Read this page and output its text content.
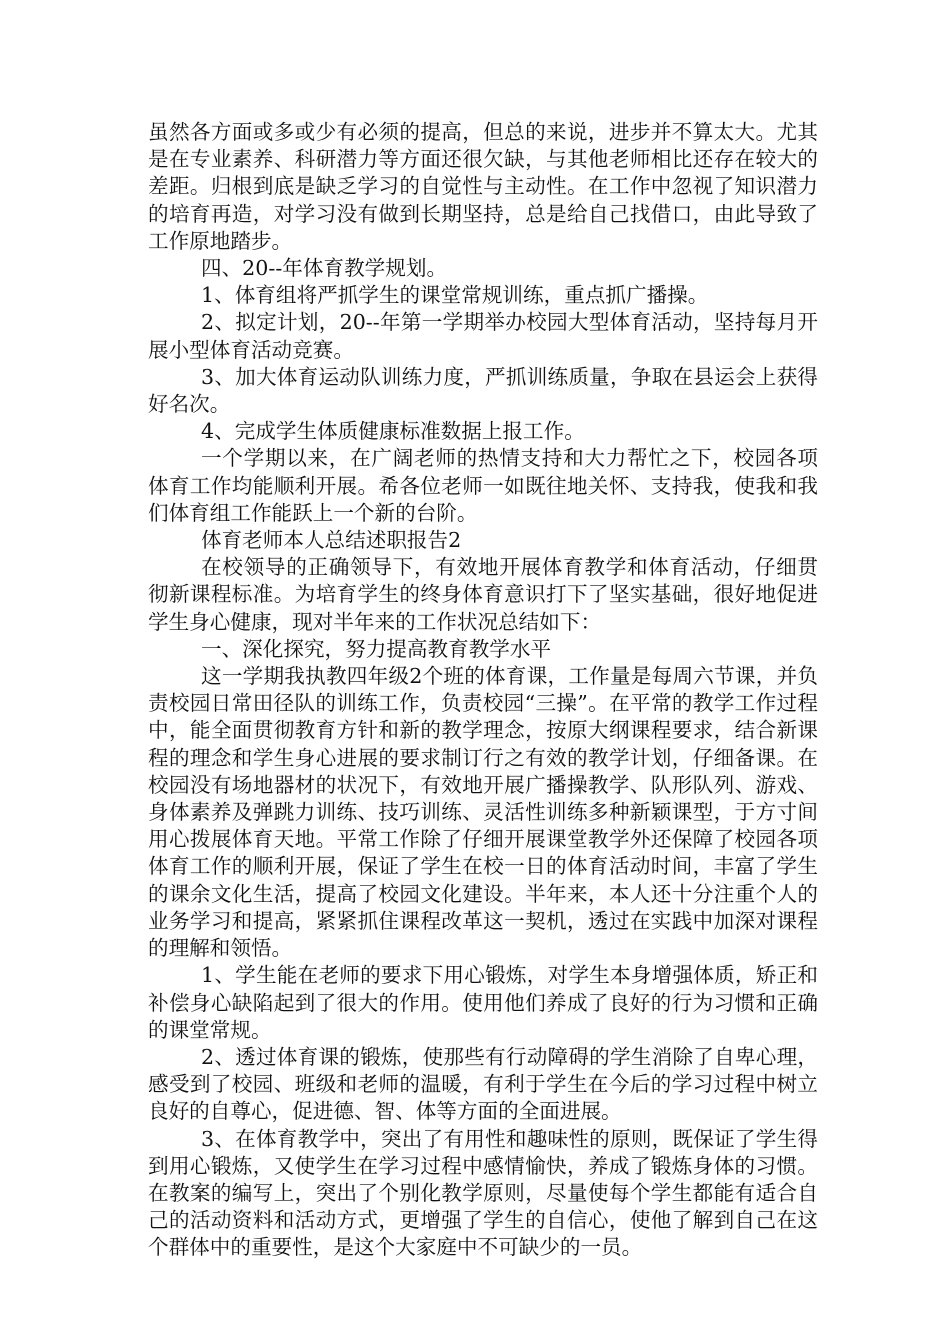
虽然各方面或多或少有必须的提高，但总的来说，进步并不算太大。尤其是在专业素养、科研潜力等方面还很欠缺，与其他老师相比还存在较大的差距。归根到底是缺乏学习的自觉性与主动性。在工作中忽视了知识潜力的培育再造，对学习没有做到长期坚持，总是给自己找借口，由此导致了工作原地踏步。

四、20--年体育教学规划。

1、体育组将严抓学生的课堂常规训练，重点抓广播操。

2、拟定计划，20--年第一学期举办校园大型体育活动，坚持每月开展小型体育活动竞赛。

3、加大体育运动队训练力度，严抓训练质量，争取在县运会上获得好名次。

4、完成学生体质健康标准数据上报工作。

一个学期以来，在广阔老师的热情支持和大力帮忙之下，校园各项体育工作均能顺利开展。希各位老师一如既往地关怀、支持我，使我和我们体育组工作能跃上一个新的台阶。

体育老师本人总结述职报告2

在校领导的正确领导下，有效地开展体育教学和体育活动，仔细贯彻新课程标准。为培育学生的终身体育意识打下了坚实基础，很好地促进学生身心健康，现对半年来的工作状况总结如下：

一、深化探究，努力提高教育教学水平

这一学期我执教四年级2个班的体育课，工作量是每周六节课，并负责校园日常田径队的训练工作，负责校园“三操”。在平常的教学工作过程中，能全面贯彻教育方针和新的教学理念，按原大纲课程要求，结合新课程的理念和学生身心进展的要求制订行之有效的教学计划，仔细备课。在校园没有场地器材的状况下，有效地开展广播操教学、队形队列、游戏、身体素养及弹跳力训练、技巧训练、灵活性训练多种新颖课型，于方寸间用心拨展体育天地。平常工作除了仔细开展课堂教学外还保障了校园各项体育工作的顺利开展，保证了学生在校一日的体育活动时间，丰富了学生的课余文化生活，提高了校园文化建设。半年来，本人还十分注重个人的业务学习和提高，紧紧抓住课程改革这一契机，透过在实践中加深对课程的理解和领悟。

1、学生能在老师的要求下用心锻炼，对学生本身增强体质，矫正和补偿身心缺陷起到了很大的作用。使用他们养成了良好的行为习惯和正确的课堂常规。

2、透过体育课的锻炼，使那些有行动障碍的学生消除了自卑心理，感受到了校园、班级和老师的温暖，有利于学生在今后的学习过程中树立良好的自尊心，促进德、智、体等方面的全面进展。

3、在体育教学中，突出了有用性和趣味性的原则，既保证了学生得到用心锻炼，又使学生在学习过程中感情愉快，养成了锻炼身体的习惯。在教案的编写上，突出了个别化教学原则，尽量使每个学生都能有适合自己的活动资料和活动方式，更增强了学生的自信心，使他了解到自己在这个群体中的重要性，是这个大家庭中不可缺少的一员。
